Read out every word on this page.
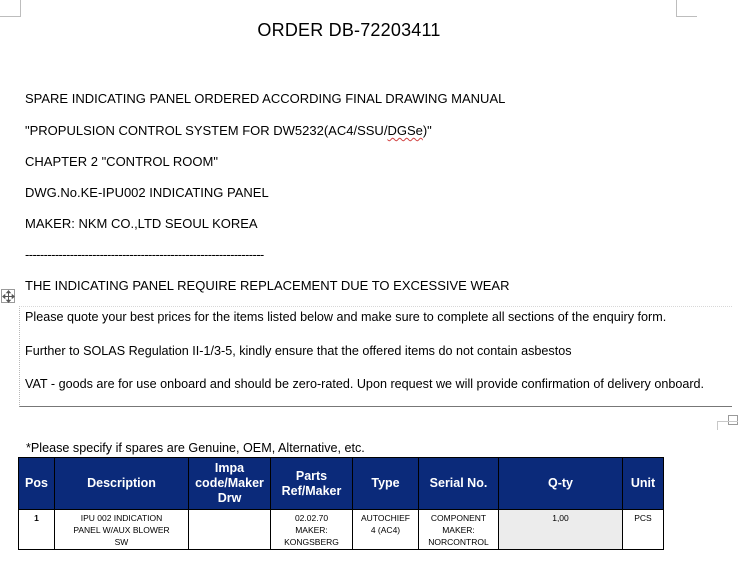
ORDER DB-72203411
SPARE INDICATING PANEL ORDERED ACCORDING FINAL DRAWING MANUAL
"PROPULSION CONTROL SYSTEM FOR DW5232(AC4/SSU/DGSe)"
CHAPTER 2 "CONTROL ROOM"
DWG.No.KE-IPU002 INDICATING PANEL
MAKER: NKM CO.,LTD SEOUL KOREA
----------------------------------------------------------------
THE INDICATING PANEL REQUIRE REPLACEMENT DUE TO EXCESSIVE WEAR
Please quote your best prices for the items listed below and make sure to complete all sections of the enquiry form.
Further to SOLAS Regulation II-1/3-5, kindly ensure that the offered items do not contain asbestos
VAT - goods are for use onboard and should be zero-rated. Upon request we will provide confirmation of delivery onboard.
*Please specify if spares are Genuine, OEM, Alternative, etc.
Pos	Description	Impa
code/Maker
Drw	Parts
Ref/Maker	Type	Serial No.	Q-ty	Unit
1	IPU 002 INDICATION
PANEL W/AUX BLOWER
SW		02.02.70
MAKER:
KONGSBERG	AUTOCHIEF
4 (AC4)	COMPONENT
MAKER:
NORCONTROL	1,00	PCS
